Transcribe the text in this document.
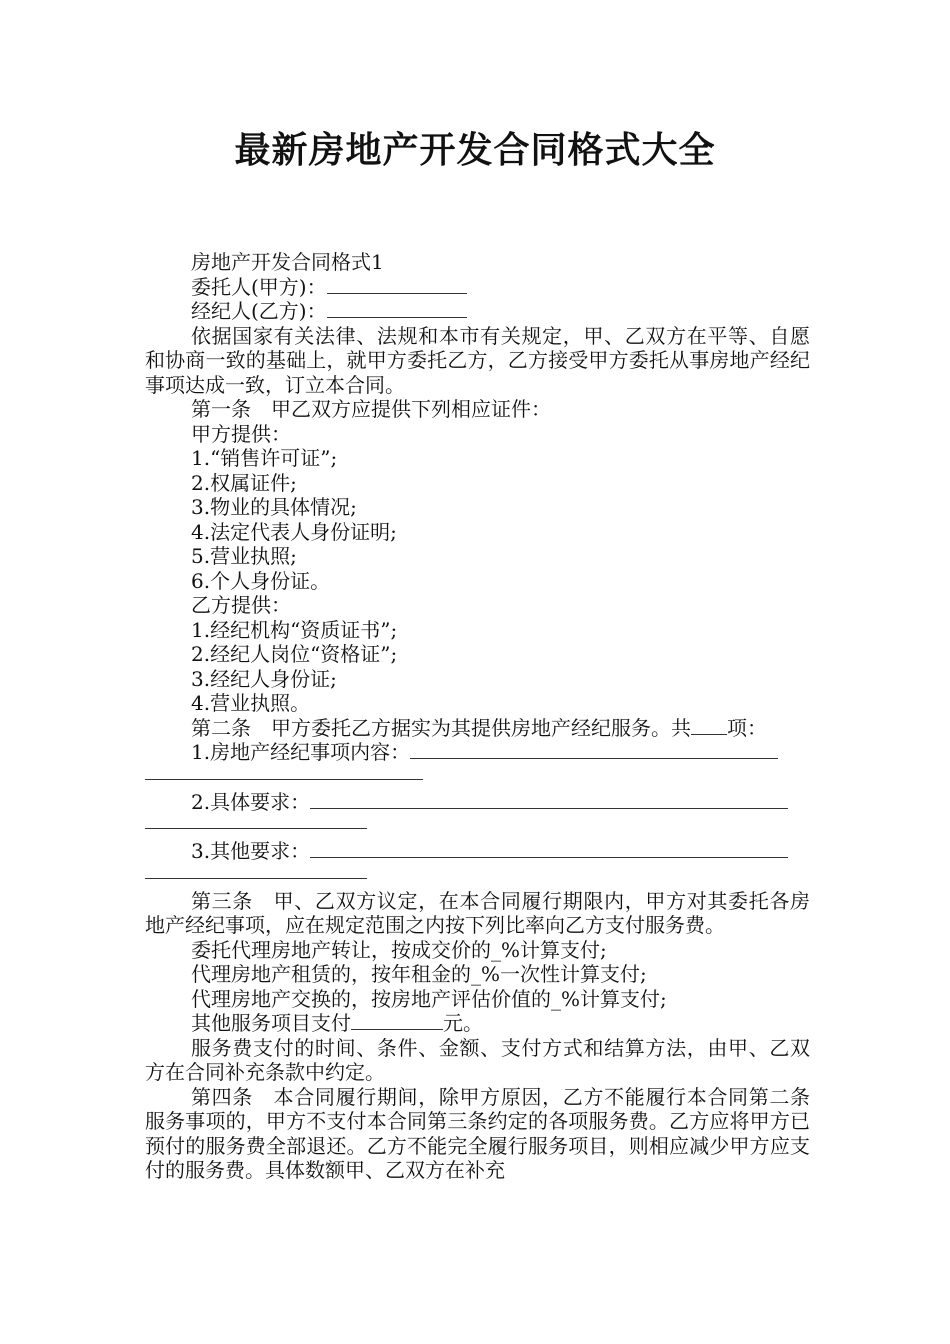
最新房地产开发合同格式大全

房地产开发合同格式1

委托人(甲方)：

经纪人(乙方)：

依据国家有关法律、法规和本市有关规定，甲、乙双方在平等、自愿和协商一致的基础上，就甲方委托乙方，乙方接受甲方委托从事房地产经纪事项达成一致，订立本合同。

第一条　甲乙双方应提供下列相应证件：

甲方提供：

1.“销售许可证”;

2.权属证件;

3.物业的具体情况;

4.法定代表人身份证明;

5.营业执照;

6.个人身份证。

乙方提供：

1.经纪机构“资质证书”;

2.经纪人岗位“资格证”;

3.经纪人身份证;

4.营业执照。

第二条　甲方委托乙方据实为其提供房地产经纪服务。共 项：

1.房地产经纪事项内容：

2.具体要求：

3.其他要求：

第三条　甲、乙双方议定，在本合同履行期限内，甲方对其委托各房地产经纪事项，应在规定范围之内按下列比率向乙方支付服务费。

委托代理房地产转让，按成交价的_%计算支付;

代理房地产租赁的，按年租金的_%一次性计算支付;

代理房地产交换的，按房地产评估价值的_%计算支付;

其他服务项目支付	元。

服务费支付的时间、条件、金额、支付方式和结算方法，由甲、乙双方在合同补充条款中约定。

第四条　本合同履行期间，除甲方原因，乙方不能履行本合同第二条服务事项的，甲方不支付本合同第三条约定的各项服务费。乙方应将甲方已预付的服务费全部退还。乙方不能完全履行服务项目，则相应减少甲方应支付的服务费。具体数额甲、乙双方在补充
